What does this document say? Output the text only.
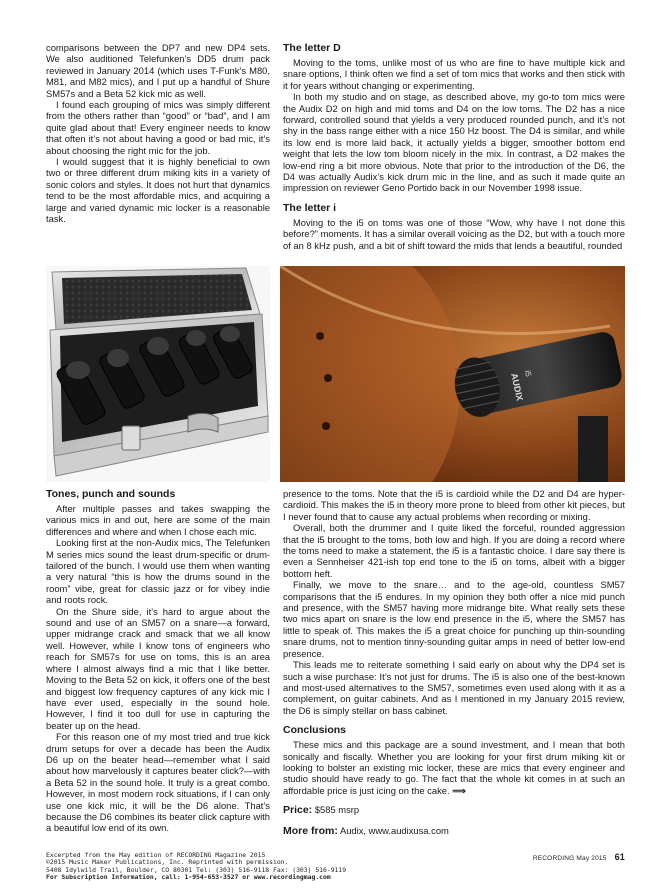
comparisons between the DP7 and new DP4 sets. We also auditioned Telefunken’s DD5 drum pack reviewed in January 2014 (which uses T-Funk’s M80, M81, and M82 mics), and I put up a handful of Shure SM57s and a Beta 52 kick mic as well.

I found each grouping of mics was simply different from the others rather than “good” or “bad”, and I am quite glad about that! Every engineer needs to know that often it’s not about having a good or bad mic, it’s about choosing the right mic for the job.

I would suggest that it is highly beneficial to own two or three different drum miking kits in a variety of sonic colors and styles. It does not hurt that dynamics tend to be the most affordable mics, and acquiring a large and varied dynamic mic locker is a reasonable task.

The letter D

Moving to the toms, unlike most of us who are fine to have multiple kick and snare options, I think often we find a set of tom mics that works and then stick with it for years without changing or experimenting.

In both my studio and on stage, as described above, my go-to tom mics were the Audix D2 on high and mid toms and D4 on the low toms. The D2 has a nice forward, controlled sound that yields a very produced rounded punch, and it’s not shy in the bass range either with a nice 150 Hz boost. The D4 is similar, and while its low end is more laid back, it actually yields a bigger, smoother bottom end weight that lets the low tom bloom nicely in the mix. In contrast, a D2 makes the low-end ring a bit more obvious. Note that prior to the introduction of the D6, the D4 was actually Audix’s kick drum mic in the line, and as such it made quite an impression on reviewer Geno Portido back in our November 1998 issue.

The letter i

Moving to the i5 on toms was one of those “Wow, why have I not done this before?” moments. It has a similar overall voicing as the D2, but with a touch more of an 8 kHz push, and a bit of shift toward the mids that lends a beautiful, rounded

AUDIX
i5
Tones, punch and sounds

After multiple passes and takes swapping the various mics in and out, here are some of the main differences and where and when I chose each mic.

Looking first at the non-Audix mics, The Telefunken M series mics sound the least drum-specific or drum-tailored of the bunch. I would use them when wanting a very natural “this is how the drums sound in the room” vibe, great for classic jazz or for vibey indie and roots rock.

On the Shure side, it’s hard to argue about the sound and use of an SM57 on a snare—a forward, upper midrange crack and smack that we all know well. However, while I know tons of engineers who reach for SM57s for use on toms, this is an area where I almost always find a mic that I like better. Moving to the Beta 52 on kick, it offers one of the best and biggest low frequency captures of any kick mic I have ever used, especially in the sound hole. However, I find it too dull for use in capturing the beater up on the head.

For this reason one of my most tried and true kick drum setups for over a decade has been the Audix D6 up on the beater head—remember what I said about how marvelously it captures beater click?—with a Beta 52 in the sound hole. It truly is a great combo. However, in most modern rock situations, if I can only use one kick mic, it will be the D6 alone. That’s because the D6 combines its beater click capture with a beautiful low end of its own.

presence to the toms. Note that the i5 is cardioid while the D2 and D4 are hyper-cardioid. This makes the i5 in theory more prone to bleed from other kit pieces, but I never found that to cause any actual problems when recording or mixing.

Overall, both the drummer and I quite liked the forceful, rounded aggression that the i5 brought to the toms, both low and high. If you are doing a record where the toms need to make a statement, the i5 is a fantastic choice. I dare say there is even a Sennheiser 421-ish top end tone to the i5 on toms, albeit with a bigger bottom heft.

Finally, we move to the snare… and to the age-old, countless SM57 comparisons that the i5 endures. In my opinion they both offer a nice mid punch and presence, with the SM57 having more midrange bite. What really sets these two mics apart on snare is the low end presence in the i5, where the SM57 has little to speak of. This makes the i5 a great choice for punching up thin-sounding snare drums, not to mention tinny-sounding guitar amps in need of better low-end presence.

This leads me to reiterate something I said early on about why the DP4 set is such a wise purchase: It’s not just for drums. The i5 is also one of the best-known and most-used alternatives to the SM57, sometimes even used along with it as a complement, on guitar cabinets. And as I mentioned in my January 2015 review, the D6 is simply stellar on bass cabinet.

Conclusions

These mics and this package are a sound investment, and I mean that both sonically and fiscally. Whether you are looking for your first drum miking kit or looking to bolster an existing mic locker, these are mics that every engineer and studio should have ready to go. The fact that the whole kit comes in at such an affordable price is just icing on the cake. ⟹

Price: $585 msrp

More from: Audix, www.audixusa.com

Excerpted from the May edition of RECORDING Magazine 2015
©2015 Music Maker Publications, Inc. Reprinted with permission.
5408 Idylwild Trail, Boulder, CO 80301 Tel: (303) 516-9118 Fax: (303) 516-9119
For Subscription Information, call: 1-954-653-3527 or www.recordingmag.com
RECORDING May 2015 61
